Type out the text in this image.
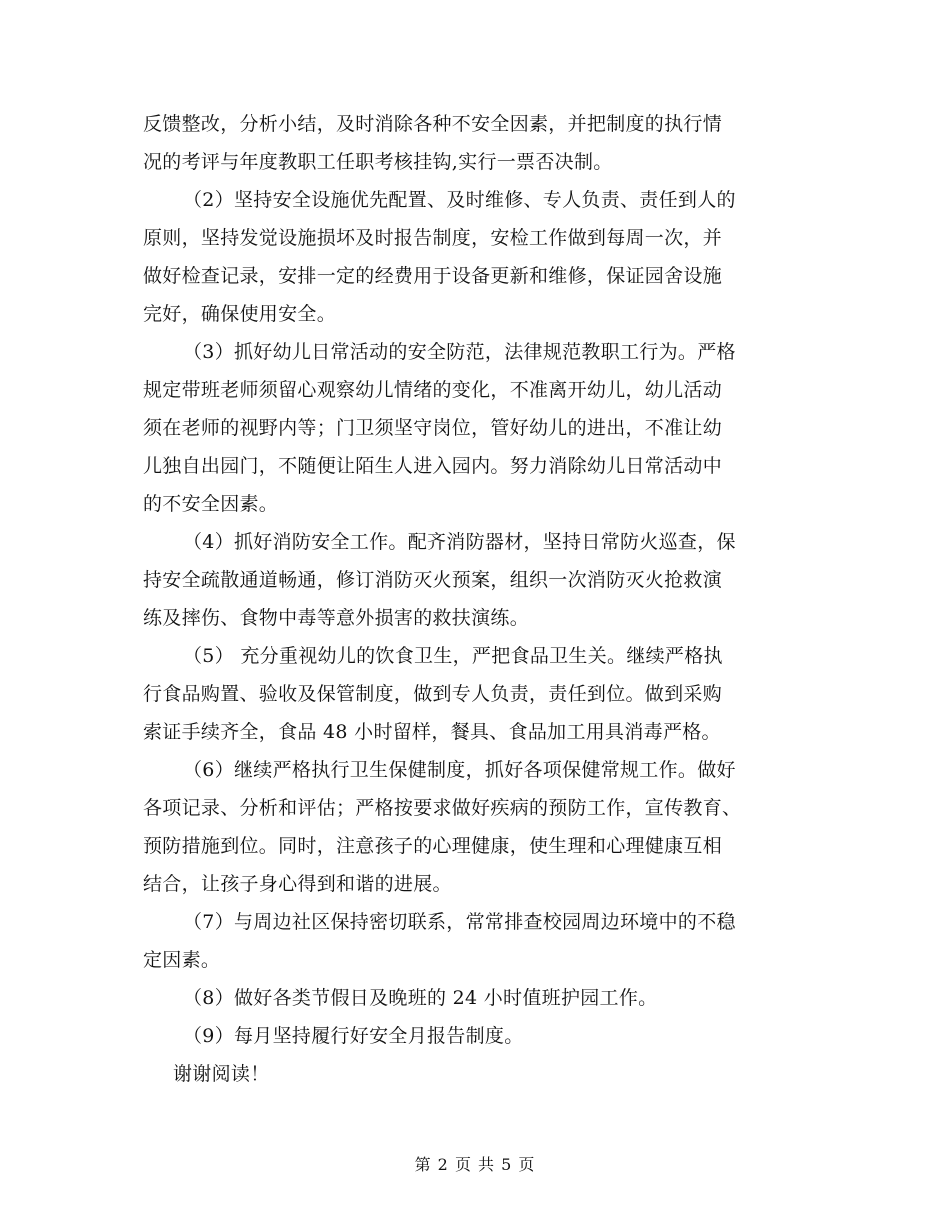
反馈整改，分析小结，及时消除各种不安全因素，并把制度的执行情
况的考评与年度教职工任职考核挂钩,实行一票否决制。
（2）坚持安全设施优先配置、及时维修、专人负责、责任到人的
原则，坚持发觉设施损坏及时报告制度，安检工作做到每周一次，并
做好检查记录，安排一定的经费用于设备更新和维修，保证园舍设施
完好，确保使用安全。
（3）抓好幼儿日常活动的安全防范，法律规范教职工行为。严格
规定带班老师须留心观察幼儿情绪的变化，不准离开幼儿，幼儿活动
须在老师的视野内等；门卫须坚守岗位，管好幼儿的进出，不准让幼
儿独自出园门，不随便让陌生人进入园内。努力消除幼儿日常活动中
的不安全因素。
（4）抓好消防安全工作。配齐消防器材，坚持日常防火巡查，保
持安全疏散通道畅通，修订消防灭火预案，组织一次消防灭火抢救演
练及摔伤、食物中毒等意外损害的救扶演练。
（5） 充分重视幼儿的饮食卫生，严把食品卫生关。继续严格执
行食品购置、验收及保管制度，做到专人负责，责任到位。做到采购
索证手续齐全，食品 48 小时留样，餐具、食品加工用具消毒严格。
（6）继续严格执行卫生保健制度，抓好各项保健常规工作。做好
各项记录、分析和评估；严格按要求做好疾病的预防工作，宣传教育、
预防措施到位。同时，注意孩子的心理健康，使生理和心理健康互相
结合，让孩子身心得到和谐的进展。
（7）与周边社区保持密切联系，常常排查校园周边环境中的不稳
定因素。
（8）做好各类节假日及晚班的 24 小时值班护园工作。
（9）每月坚持履行好安全月报告制度。
谢谢阅读！
第 2 页 共 5 页
